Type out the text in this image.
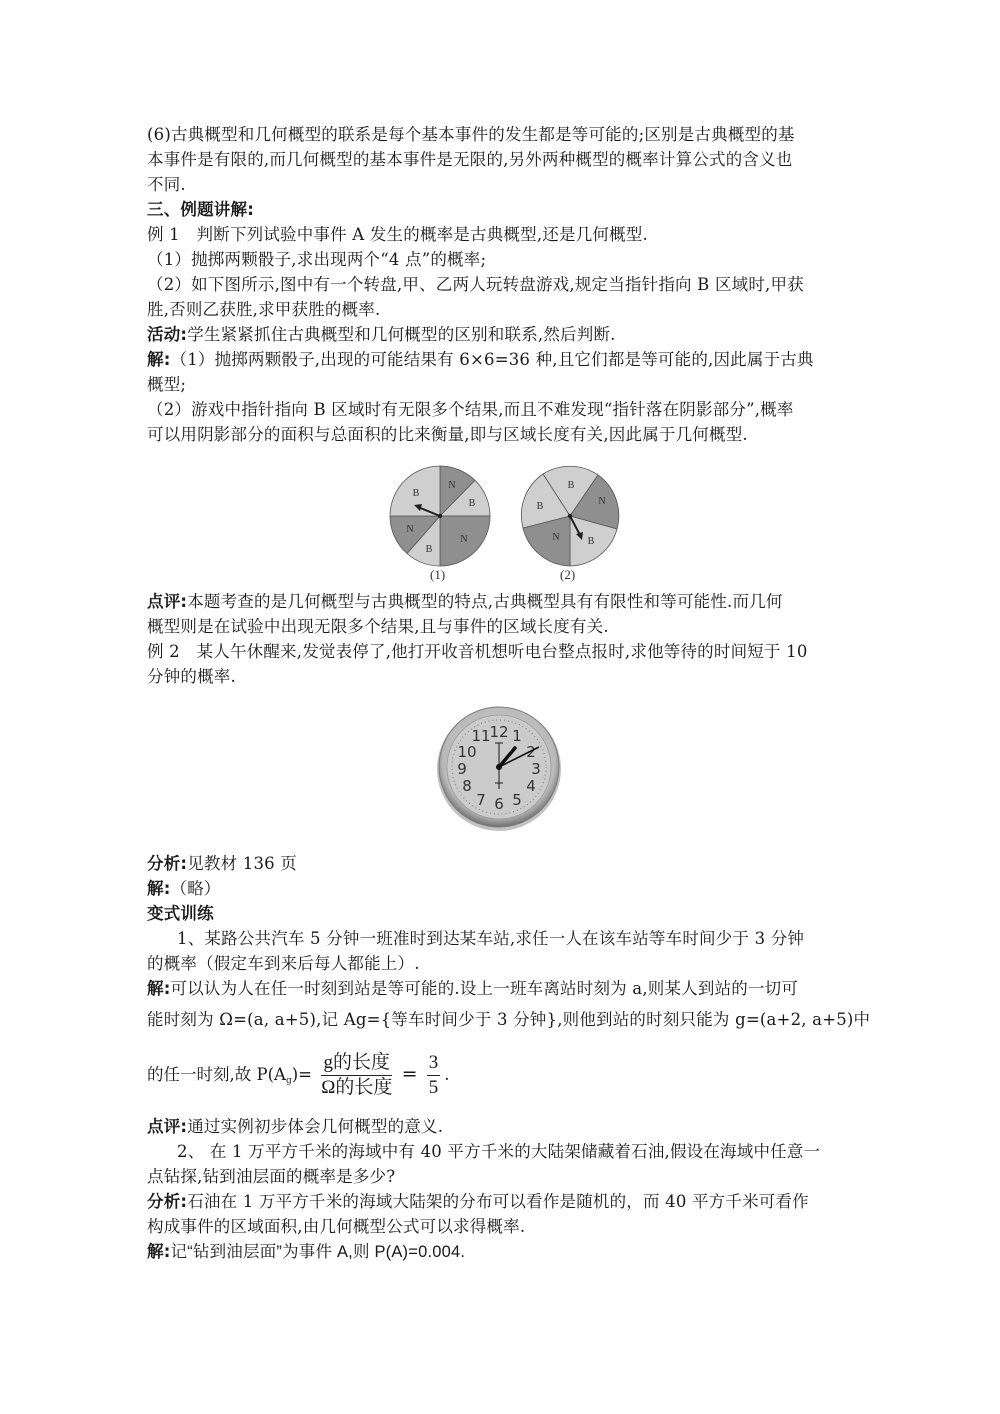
(6)古典概型和几何概型的联系是每个基本事件的发生都是等可能的;区别是古典概型的基
本事件是有限的,而几何概型的基本事件是无限的,另外两种概型的概率计算公式的含义也
不同.
三、例题讲解:
例 1　判断下列试验中事件 A 发生的概率是古典概型,还是几何概型.
（1）抛掷两颗骰子,求出现两个“4 点”的概率;
（2）如下图所示,图中有一个转盘,甲、乙两人玩转盘游戏,规定当指针指向 B 区域时,甲获
胜,否则乙获胜,求甲获胜的概率.
活动:学生紧紧抓住古典概型和几何概型的区别和联系,然后判断.
解:（1）抛掷两颗骰子,出现的可能结果有 6×6=36 种,且它们都是等可能的,因此属于古典
概型;
（2）游戏中指针指向 B 区域时有无限多个结果,而且不难发现“指针落在阴影部分”,概率
可以用阴影部分的面积与总面积的比来衡量,即与区域长度有关,因此属于几何概型.
B
N
B
N
B
N
B
N
B
N
B
(1)	(2)
点评:本题考查的是几何概型与古典概型的特点,古典概型具有有限性和等可能性.而几何
概型则是在试验中出现无限多个结果,且与事件的区域长度有关.
例 2　某人午休醒来,发觉表停了,他打开收音机想听电台整点报时,求他等待的时间短于 10
分钟的概率.
12 1
2
3
4
5
6
7
8
9
10
11
分析:见教材 136 页
解:（略）
变式训练
1、某路公共汽车 5 分钟一班准时到达某车站,求任一人在该车站等车时间少于 3 分钟
的概率（假定车到来后每人都能上）.
解:可以认为人在任一时刻到站是等可能的.设上一班车离站时刻为 a,则某人到站的一切可
能时刻为 Ω=(a, a+5),记 Ag={等车时间少于 3 分钟},则他到站的时刻只能为 g=(a+2, a+5)中
的任一时刻,故 $P(A_g)= \frac{\text{g的长度}}{\text{Ω的长度}} = \frac{3}{5}$ .
点评:通过实例初步体会几何概型的意义.
2、 在 1 万平方千米的海域中有 40 平方千米的大陆架储藏着石油,假设在海域中任意一
点钻探,钻到油层面的概率是多少?
分析:石油在 1 万平方千米的海域大陆架的分布可以看作是随机的，而 40 平方千米可看作
构成事件的区域面积,由几何概型公式可以求得概率.
解:记“钻到油层面”为事件 A,则 P(A)=0.004.
